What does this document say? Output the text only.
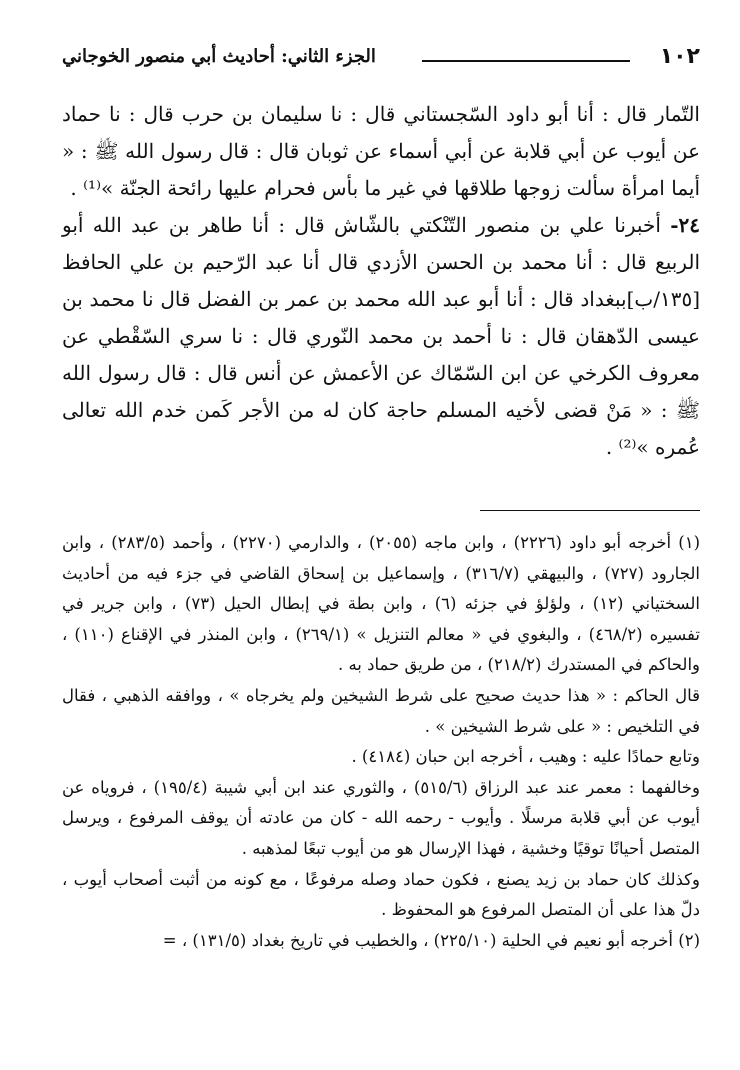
١٠٢
الجزء الثاني: أحاديث أبي منصور الخوجاني

التّمار قال : أنا أبو داود السّجستاني قال : نا سليمان بن حرب قال : نا حماد عن أيوب عن أبي قلابة عن أبي أسماء عن ثوبان قال : قال رسول الله ﷺ : « أيما امرأة سألت زوجها طلاقها في غير ما بأس فحرام عليها رائحة الجنّة »⁽¹⁾ .

٢٤- أخبرنا علي بن منصور التّنْكتي بالشّاش قال : أنا طاهر بن عبد الله أبو الربيع قال : أنا محمد بن الحسن الأزدي قال أنا عبد الرّحيم بن علي الحافظ [١٣٥/ب]ببغداد قال : أنا أبو عبد الله محمد بن عمر بن الفضل قال نا محمد بن عيسى الدّهقان قال : نا أحمد بن محمد النّوري قال : نا سري السّقْطي عن معروف الكرخي عن ابن السّمّاك عن الأعمش عن أنس قال : قال رسول الله ﷺ : « مَنْ قضى لأخيه المسلم حاجة كان له من الأجر كَمن خدم الله تعالى عُمره »⁽²⁾ .

(١) أخرجه أبو داود (٢٢٢٦) ، وابن ماجه (٢٠٥٥) ، والدارمي (٢٢٧٠) ، وأحمد (٢٨٣/٥) ، وابن الجارود (٧٢٧) ، والبيهقي (٣١٦/٧) ، وإسماعيل بن إسحاق القاضي في جزء فيه من أحاديث السختياني (١٢) ، ولؤلؤ في جزئه (٦) ، وابن بطة في إبطال الحيل (٧٣) ، وابن جرير في تفسيره (٤٦٨/٢) ، والبغوي في « معالم التنزيل » (٢٦٩/١) ، وابن المنذر في الإقناع (١١٠) ، والحاكم في المستدرك (٢١٨/٢) ، من طريق حماد به .

قال الحاكم : « هذا حديث صحيح على شرط الشيخين ولم يخرجاه » ، ووافقه الذهبي ، فقال في التلخيص : « على شرط الشيخين » .

وتابع حمادًا عليه : وهيب ، أخرجه ابن حبان (٤١٨٤) .

وخالفهما : معمر عند عبد الرزاق (٥١٥/٦) ، والثوري عند ابن أبي شيبة (١٩٥/٤) ، فروياه عن أيوب عن أبي قلابة مرسلًا . وأيوب - رحمه الله - كان من عادته أن يوقف المرفوع ، ويرسل المتصل أحيانًا توقيًا وخشية ، فهذا الإرسال هو من أيوب تبعًا لمذهبه .

وكذلك كان حماد بن زيد يصنع ، فكون حماد وصله مرفوعًا ، مع كونه من أثبت أصحاب أيوب ، دلّ هذا على أن المتصل المرفوع هو المحفوظ .

(٢) أخرجه أبو نعيم في الحلية (٢٢٥/١٠) ، والخطيب في تاريخ بغداد (١٣١/٥) ، =
